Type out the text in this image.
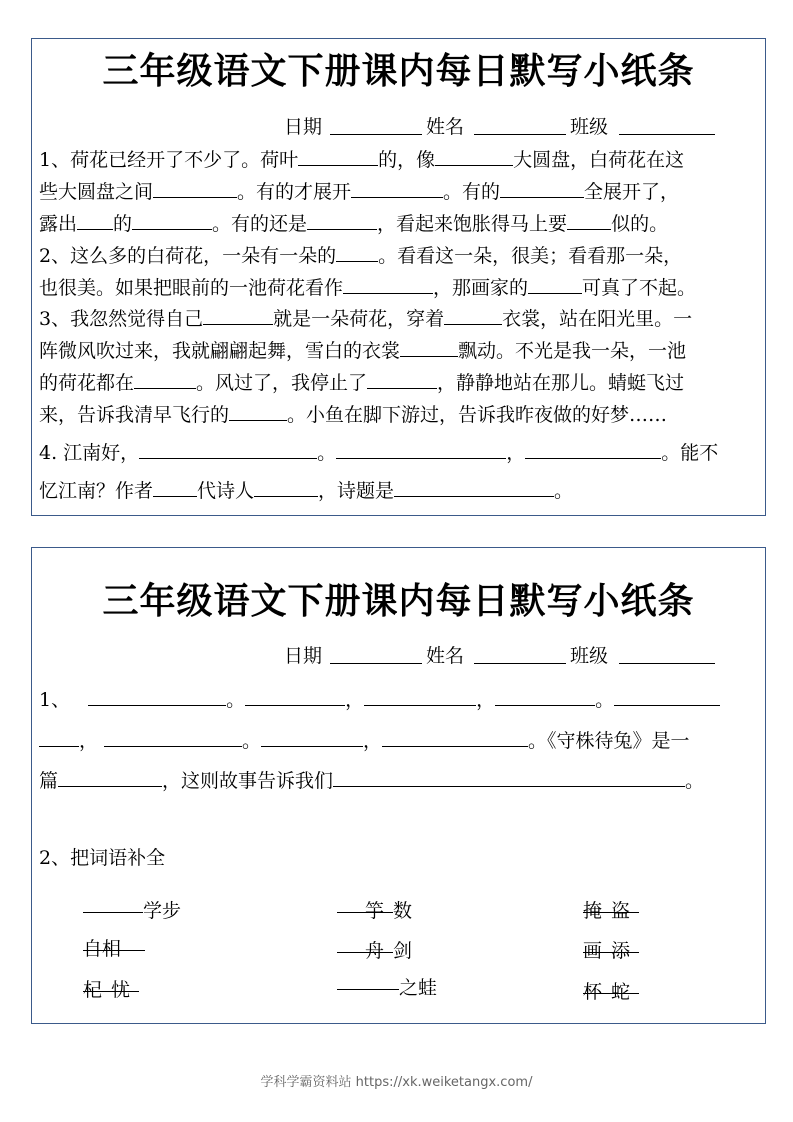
三年级语文下册课内每日默写小纸条
日期	姓名	班级
1、荷花已经开了不少了。荷叶	的，像	大圆盘，白荷花在这
些大圆盘之间	。有的才展开	。有的	全展开了，
露出 的	。有的还是	，看起来饱胀得马上要 似的。
2、这么多的白荷花，一朵有一朵的 。看看这一朵，很美；看看那一朵，
也很美。如果把眼前的一池荷花看作	，那画家的	可真了不起。
3、我忽然觉得自己	就是一朵荷花，穿着	衣裳，站在阳光里。一
阵微风吹过来，我就翩翩起舞，雪白的衣裳	飘动。不光是我一朵，一池
的荷花都在	。风过了，我停止了	，静静地站在那儿。蜻蜓飞过
来，告诉我清早飞行的	。小鱼在脚下游过，告诉我昨夜做的好梦……
4. 江南好，	。	，	。能不
忆江南？作者 代诗人	，诗题是	。
三年级语文下册课内每日默写小纸条
日期	姓名	班级
1、	。	，	，	。
，	。	，	。《守株待兔》是一
篇	，这则故事告诉我们	。
2、把词语补全
学步	竽 数	掩 盗
自相	舟 剑	画 添
杞 忧	之蛙	杯 蛇
学科学霸资料站 https://xk.weiketangx.com/
